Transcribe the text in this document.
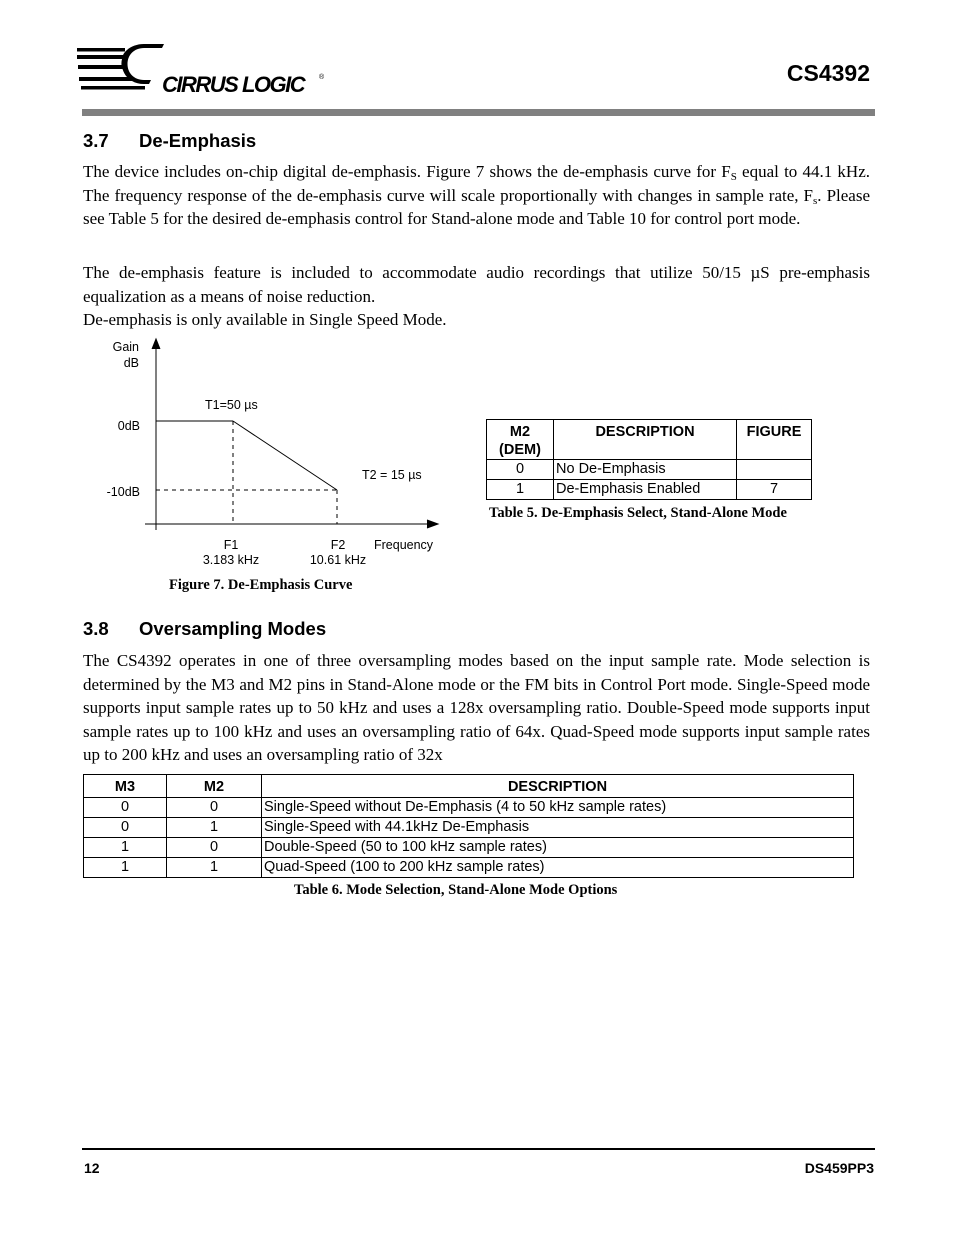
CIRRUS LOGIC	®	CS4392
3.7 De-Emphasis

The device includes on-chip digital de-emphasis. Figure 7 shows the de-emphasis curve for $F_S$ equal to 44.1 kHz. The frequency response of the de-emphasis curve will scale proportionally with changes in sample rate, $F_s$. Please see Table 5 for the desired de-emphasis control for Stand-alone mode and Table 10 for control port mode.

The de-emphasis feature is included to accommodate audio recordings that utilize 50/15 µS pre-emphasis equalization as a means of noise reduction.

De-emphasis is only available in Single Speed Mode.

Gain
dB
T1=50 µs
0dB
T2 = 15 µs
-10dB
F1
3.183 kHz
F2
10.61 kHz
Frequency
Figure 7. De-Emphasis Curve
M2
(DEM)	DESCRIPTION	FIGURE
0	No De-Emphasis	
1	De-Emphasis Enabled	7
Table 5. De-Emphasis Select, Stand-Alone Mode
3.8 Oversampling Modes

The CS4392 operates in one of three oversampling modes based on the input sample rate. Mode selection is determined by the M3 and M2 pins in Stand-Alone mode or the FM bits in Control Port mode. Single-Speed mode supports input sample rates up to 50 kHz and uses a 128x oversampling ratio. Double-Speed mode supports input sample rates up to 100 kHz and uses an oversampling ratio of 64x. Quad-Speed mode supports input sample rates up to 200 kHz and uses an oversampling ratio of 32x

M3	M2	DESCRIPTION
0	0	Single-Speed without De-Emphasis (4 to 50 kHz sample rates)
0	1	Single-Speed with 44.1kHz De-Emphasis
1	0	Double-Speed (50 to 100 kHz sample rates)
1	1	Quad-Speed (100 to 200 kHz sample rates)
Table 6. Mode Selection, Stand-Alone Mode Options
12	DS459PP3
